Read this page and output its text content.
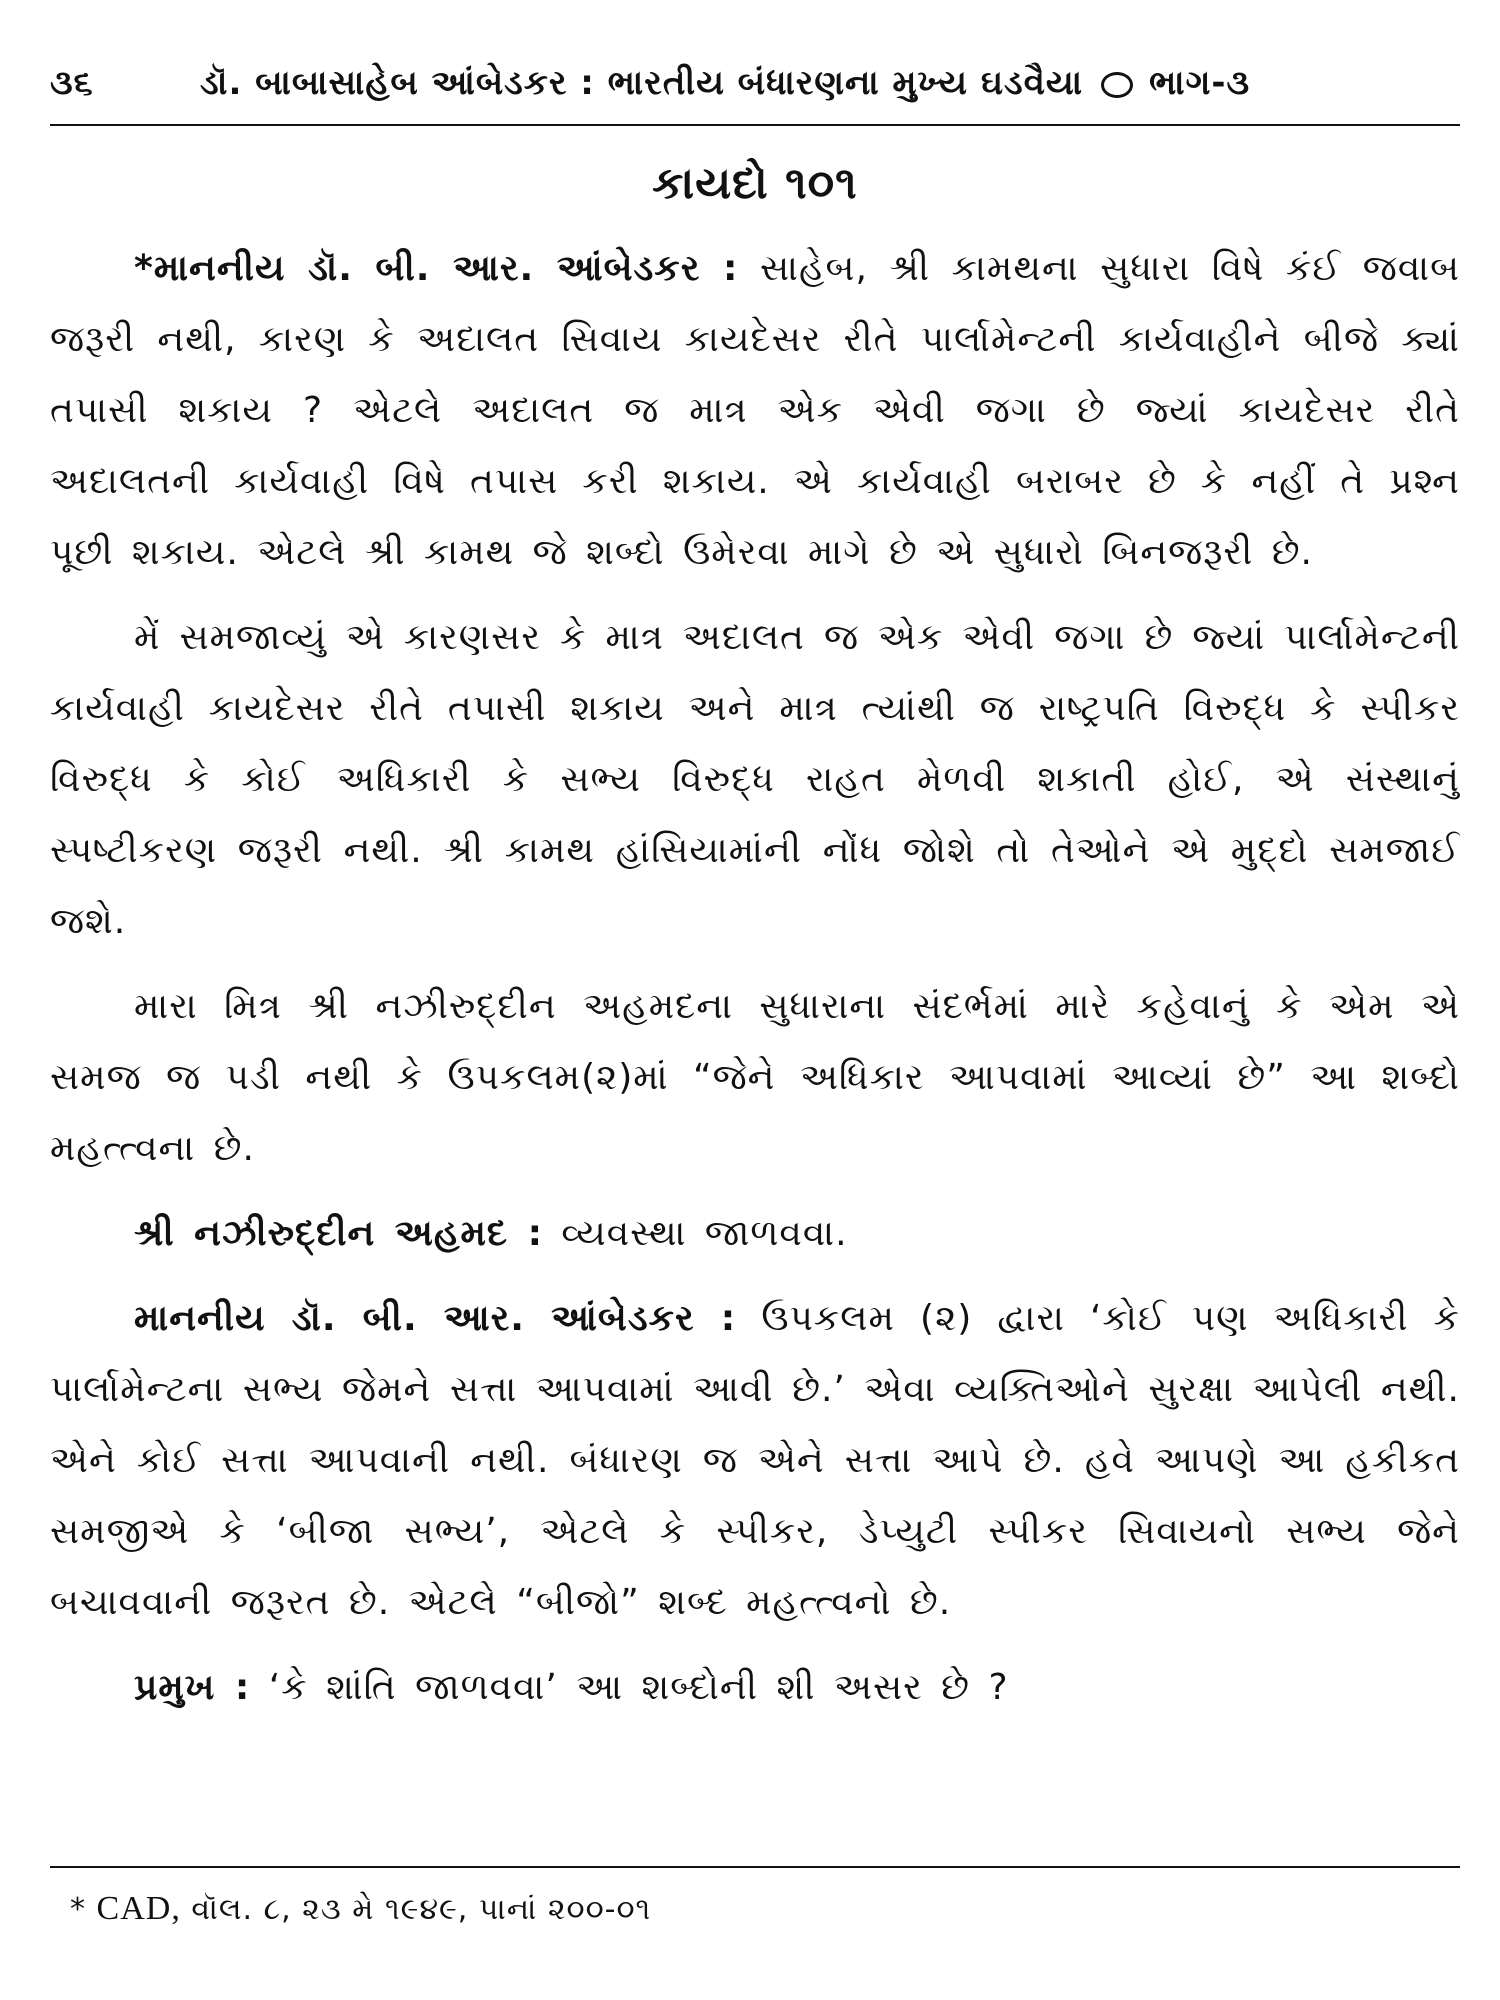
૩૬	ડૉ. બાબાસાહેબ આંબેડકર : ભારતીય બંધારણના મુખ્ય ઘડવૈયા ભાગ-૩
કાયદો ૧૦૧

*માનનીય ડૉ. બી. આર. આંબેડકર : સાહેબ, શ્રી કામથના સુધારા વિષે કંઈ જવાબ જરૂરી નથી, કારણ કે અદાલત સિવાય કાયદેસર રીતે પાર્લામેન્ટની કાર્યવાહીને બીજે ક્યાં તપાસી શકાય ? એટલે અદાલત જ માત્ર એક એવી જગા છે જ્યાં કાયદેસર રીતે અદાલતની કાર્યવાહી વિષે તપાસ કરી શકાય. એ કાર્યવાહી બરાબર છે કે નહીં તે પ્રશ્ન પૂછી શકાય. એટલે શ્રી કામથ જે શબ્દો ઉમેરવા માગે છે એ સુધારો બિનજરૂરી છે.

મેં સમજાવ્યું એ કારણસર કે માત્ર અદાલત જ એક એવી જગા છે જ્યાં પાર્લામેન્ટની કાર્યવાહી કાયદેસર રીતે તપાસી શકાય અને માત્ર ત્યાંથી જ રાષ્ટ્રપતિ વિરુદ્ધ કે સ્પીકર વિરુદ્ધ કે કોઈ અધિકારી કે સભ્ય વિરુદ્ધ રાહત મેળવી શકાતી હોઈ, એ સંસ્થાનું સ્પષ્ટીકરણ જરૂરી નથી. શ્રી કામથ હાંસિયામાંની નોંધ જોશે તો તેઓને એ મુદ્દો સમજાઈ જશે.

મારા મિત્ર શ્રી નઝીરુદ્દીન અહમદના સુધારાના સંદર્ભમાં મારે કહેવાનું કે એમ એ સમજ જ પડી નથી કે ઉપકલમ(૨)માં “જેને અધિકાર આપવામાં આવ્યાં છે” આ શબ્દો મહત્ત્વના છે.

શ્રી નઝીરુદ્દીન અહમદ : વ્યવસ્થા જાળવવા.

માનનીય ડૉ. બી. આર. આંબેડકર : ઉપકલમ (૨) દ્વારા ‘કોઈ પણ અધિકારી કે પાર્લામેન્ટના સભ્ય જેમને સત્તા આપવામાં આવી છે.’ એવા વ્યક્તિઓને સુરક્ષા આપેલી નથી. એને કોઈ સત્તા આપવાની નથી. બંધારણ જ એને સત્તા આપે છે. હવે આપણે આ હકીકત સમજીએ કે ‘બીજા સભ્ય’, એટલે કે સ્પીકર, ડેપ્યુટી સ્પીકર સિવાયનો સભ્ય જેને બચાવવાની જરૂરત છે. એટલે “બીજો” શબ્દ મહત્ત્વનો છે.

પ્રમુખ : ‘કે શાંતિ જાળવવા’ આ શબ્દોની શી અસર છે ?

* CAD, વૉલ. ૮, ૨૩ મે ૧૯૪૯, પાનાં ૨૦૦-૦૧
